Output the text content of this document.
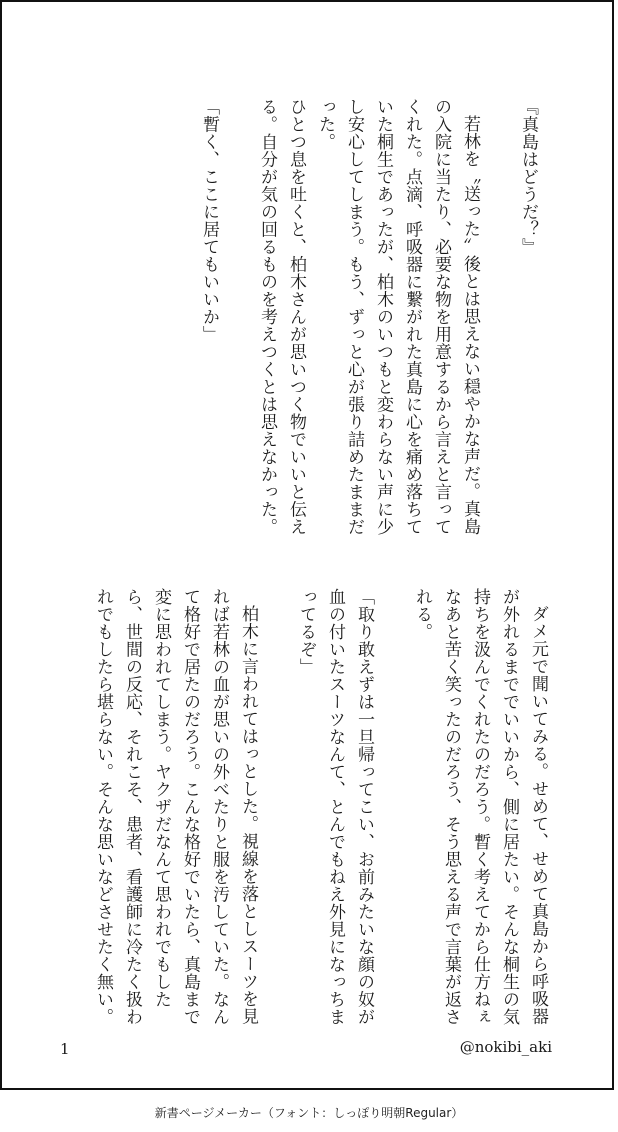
『真島はどうだ？』

若林を〝送った〟後とは思えない穏やかな声だ。真島の入院に当たり、必要な物を用意するから言えと言ってくれた。点滴、呼吸器に繋がれた真島に心を痛め落ちていた桐生であったが、柏木のいつもと変わらない声に少し安心してしまう。もう、ずっと心が張り詰めたままだった。

ひとつ息を吐くと、柏木さんが思いつく物でいいと伝える。自分が気の回るものを考えつくとは思えなかった。

「暫く、ここに居てもいいか」

ダメ元で聞いてみる。せめて、せめて真島から呼吸器が外れるまででいいから、側に居たい。そんな桐生の気持ちを汲んでくれたのだろう。暫く考えてから仕方ねぇなあと苦く笑ったのだろう、そう思える声で言葉が返される。

「取り敢えずは一旦帰ってこい、お前みたいな顔の奴が血の付いたスーツなんて、とんでもねえ外見になっちまってるぞ」

柏木に言われてはっとした。視線を落としスーツを見れば若林の血が思いの外べたりと服を汚していた。なんて格好で居たのだろう。こんな格好でいたら、真島まで変に思われてしまう。ヤクザだなんて思われでもしたら、世間の反応、それこそ、患者、看護師に冷たく扱われでもしたら堪らない。そんな思いなどさせたく無い。

1	@nokibi_aki
新書ページメーカー（フォント：しっぽり明朝Regular）
